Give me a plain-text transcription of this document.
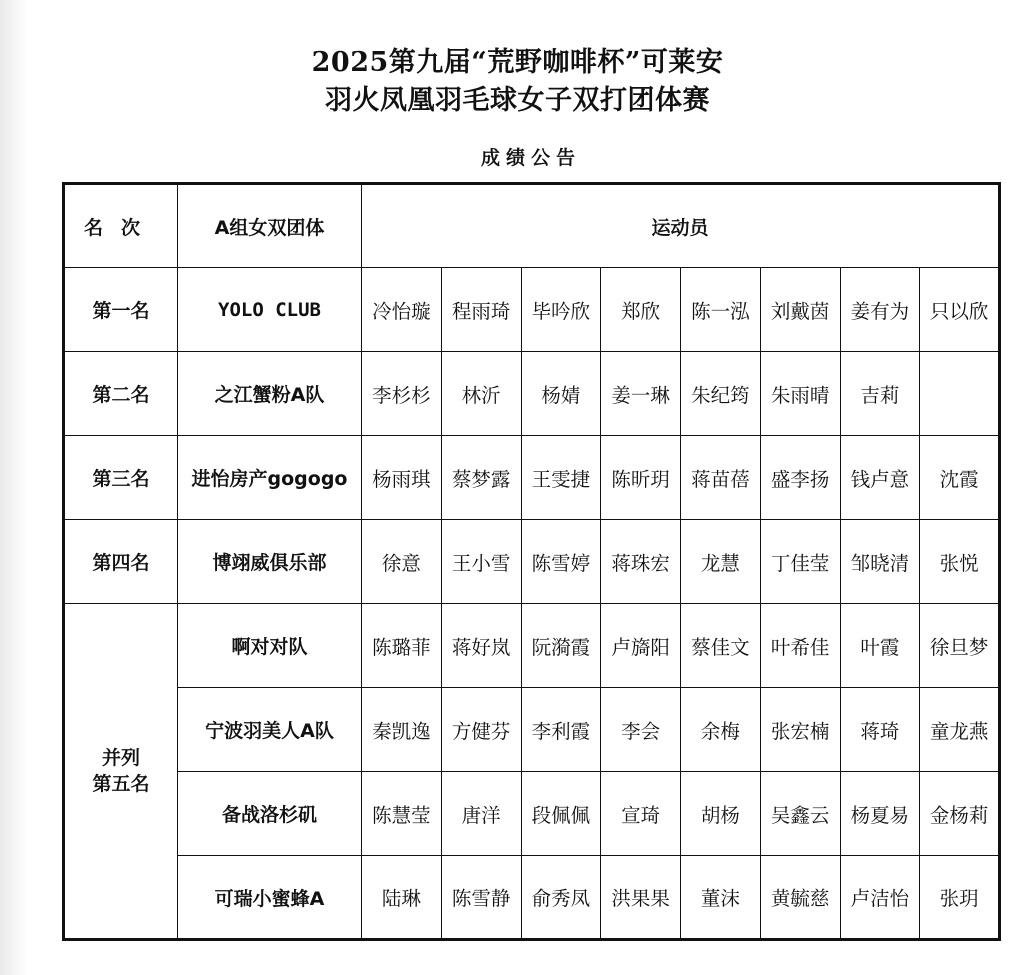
2025第九届“荒野咖啡杯”可莱安
羽火凤凰羽毛球女子双打团体赛
成绩公告
名次	A组女双团体	运动员							
第一名	YOLO CLUB	冷怡璇	程雨琦	毕吟欣	郑欣	陈一泓	刘戴茵	姜有为	只以欣
第二名	之江蟹粉A队	李杉杉	林沂	杨婧	姜一琳	朱纪筠	朱雨晴	吉莉	
第三名	进怡房产gogogo	杨雨琪	蔡梦露	王雯捷	陈昕玥	蒋苗蓓	盛李扬	钱卢意	沈霞
第四名	博翊威俱乐部	徐意	王小雪	陈雪婷	蒋珠宏	龙慧	丁佳莹	邹晓清	张悦

并列
第五名	啊对对队	陈璐菲	蒋好岚	阮漪霞	卢旖阳	蔡佳文	叶希佳	叶霞	徐旦梦
	宁波羽美人A队	秦凯逸	方健芬	李利霞	李会	余梅	张宏楠	蒋琦	童龙燕
	备战洛杉矶	陈慧莹	唐洋	段佩佩	宣琦	胡杨	吴鑫云	杨夏易	金杨莉
	可瑞小蜜蜂A	陆琳	陈雪静	俞秀凤	洪果果	董沫	黄毓慈	卢洁怡	张玥
